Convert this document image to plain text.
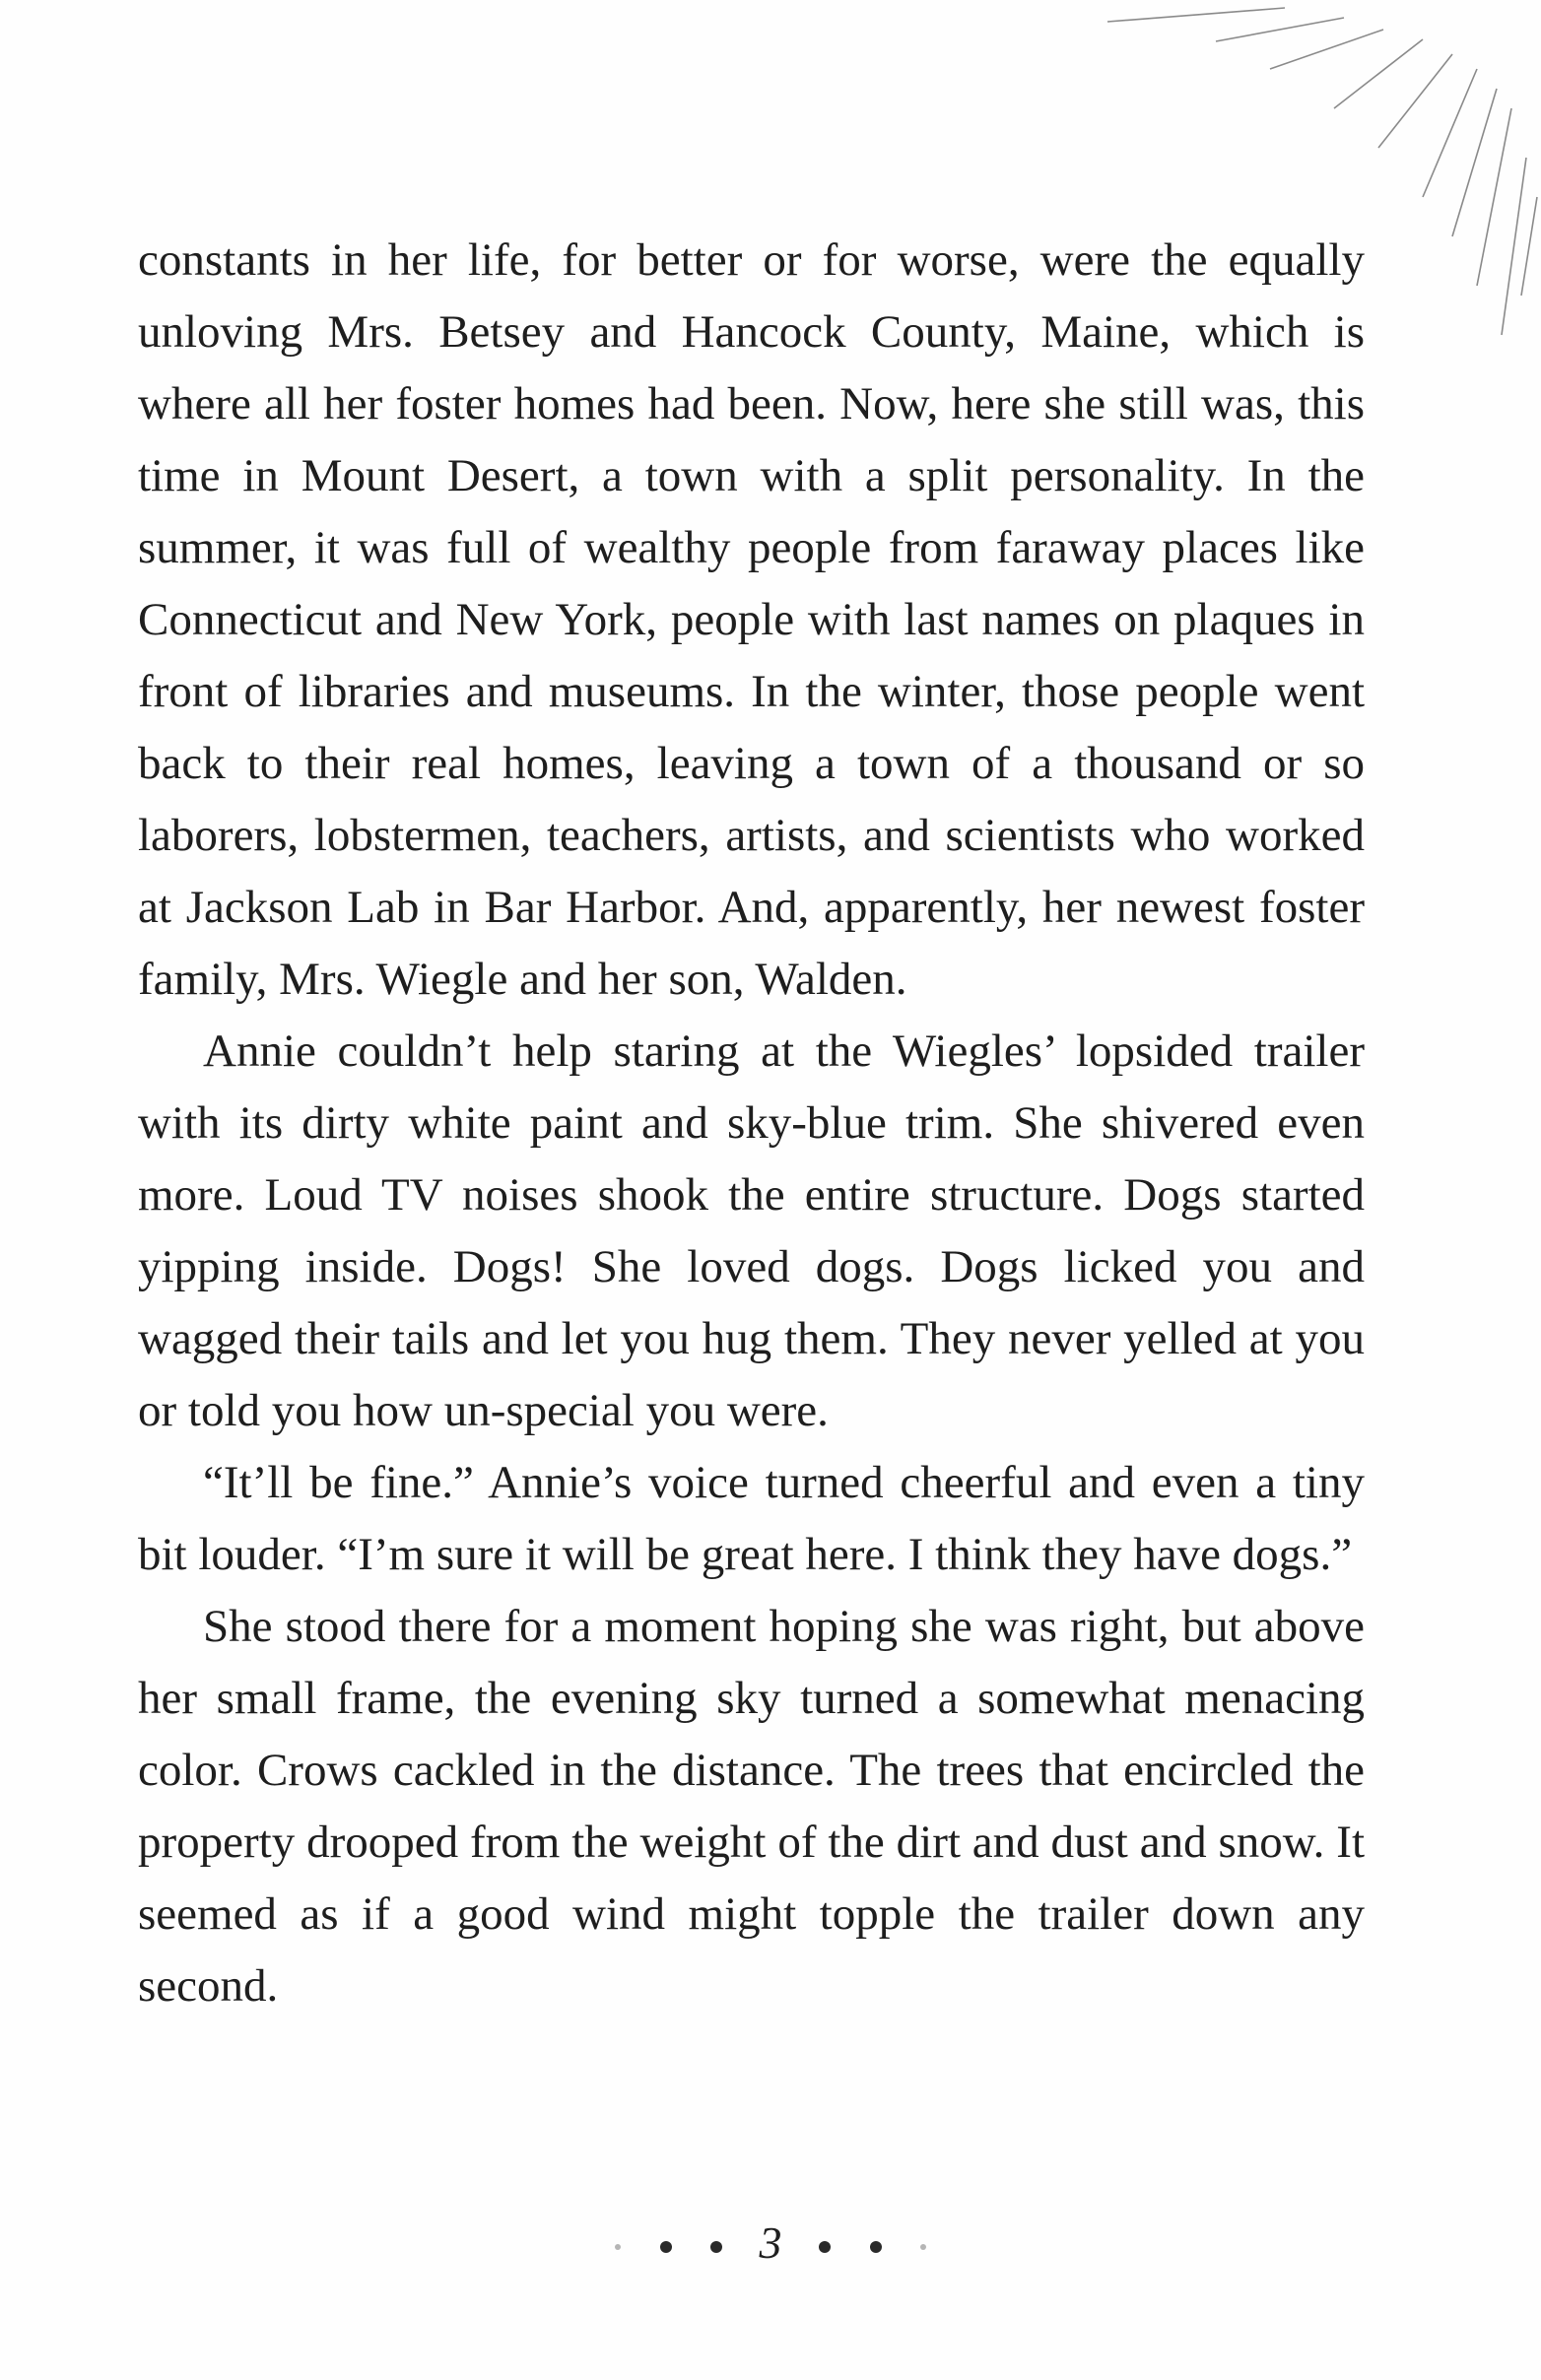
constants in her life, for better or for worse, were the equally unloving Mrs. Betsey and Hancock County, Maine, which is where all her foster homes had been. Now, here she still was, this time in Mount Desert, a town with a split personality. In the summer, it was full of wealthy people from faraway places like Connecticut and New York, people with last names on plaques in front of libraries and museums. In the winter, those people went back to their real homes, leaving a town of a thousand or so laborers, lobstermen, teachers, artists, and scientists who worked at Jackson Lab in Bar Harbor. And, apparently, her newest foster family, Mrs. Wiegle and her son, Walden.

Annie couldn’t help staring at the Wiegles’ lopsided trailer with its dirty white paint and sky-blue trim. She shivered even more. Loud TV noises shook the entire structure. Dogs started yipping inside. Dogs! She loved dogs. Dogs licked you and wagged their tails and let you hug them. They never yelled at you or told you how un-special you were.

“It’ll be fine.” Annie’s voice turned cheerful and even a tiny bit louder. “I’m sure it will be great here. I think they have dogs.”

She stood there for a moment hoping she was right, but above her small frame, the evening sky turned a somewhat menacing color. Crows cackled in the distance. The trees that encircled the property drooped from the weight of the dirt and dust and snow. It seemed as if a good wind might topple the trailer down any second.

3
